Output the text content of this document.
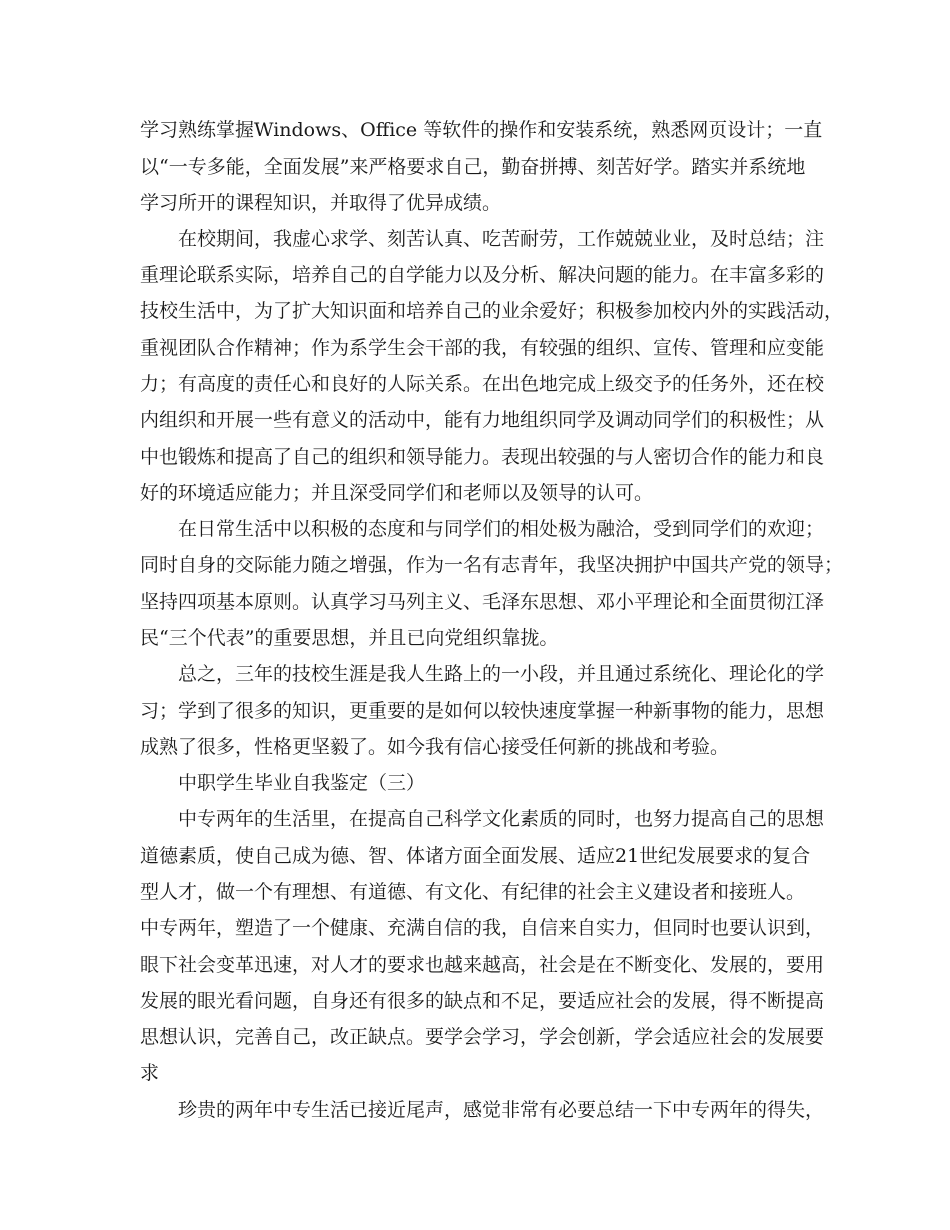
学习熟练掌握Windows、Office 等软件的操作和安装系统，熟悉网页设计；一直
以“一专多能，全面发展”来严格要求自己，勤奋拼搏、刻苦好学。踏实并系统地
学习所开的课程知识，并取得了优异成绩。
在校期间，我虚心求学、刻苦认真、吃苦耐劳，工作兢兢业业，及时总结；注
重理论联系实际，培养自己的自学能力以及分析、解决问题的能力。在丰富多彩的
技校生活中，为了扩大知识面和培养自己的业余爱好；积极参加校内外的实践活动，
重视团队合作精神；作为系学生会干部的我，有较强的组织、宣传、管理和应变能
力；有高度的责任心和良好的人际关系。在出色地完成上级交予的任务外，还在校
内组织和开展一些有意义的活动中，能有力地组织同学及调动同学们的积极性；从
中也锻炼和提高了自己的组织和领导能力。表现出较强的与人密切合作的能力和良
好的环境适应能力；并且深受同学们和老师以及领导的认可。
在日常生活中以积极的态度和与同学们的相处极为融洽，受到同学们的欢迎；
同时自身的交际能力随之增强，作为一名有志青年，我坚决拥护中国共产党的领导；
坚持四项基本原则。认真学习马列主义、毛泽东思想、邓小平理论和全面贯彻江泽
民“三个代表”的重要思想，并且已向党组织靠拢。
总之，三年的技校生涯是我人生路上的一小段，并且通过系统化、理论化的学
习；学到了很多的知识，更重要的是如何以较快速度掌握一种新事物的能力，思想
成熟了很多，性格更坚毅了。如今我有信心接受任何新的挑战和考验。
中职学生毕业自我鉴定（三）
中专两年的生活里，在提高自己科学文化素质的同时，也努力提高自己的思想
道德素质，使自己成为德、智、体诸方面全面发展、适应21世纪发展要求的复合
型人才，做一个有理想、有道德、有文化、有纪律的社会主义建设者和接班人。
中专两年，塑造了一个健康、充满自信的我，自信来自实力，但同时也要认识到，
眼下社会变革迅速，对人才的要求也越来越高，社会是在不断变化、发展的，要用
发展的眼光看问题，自身还有很多的缺点和不足，要适应社会的发展，得不断提高
思想认识，完善自己，改正缺点。要学会学习，学会创新，学会适应社会的发展要
求
珍贵的两年中专生活已接近尾声，感觉非常有必要总结一下中专两年的得失，
